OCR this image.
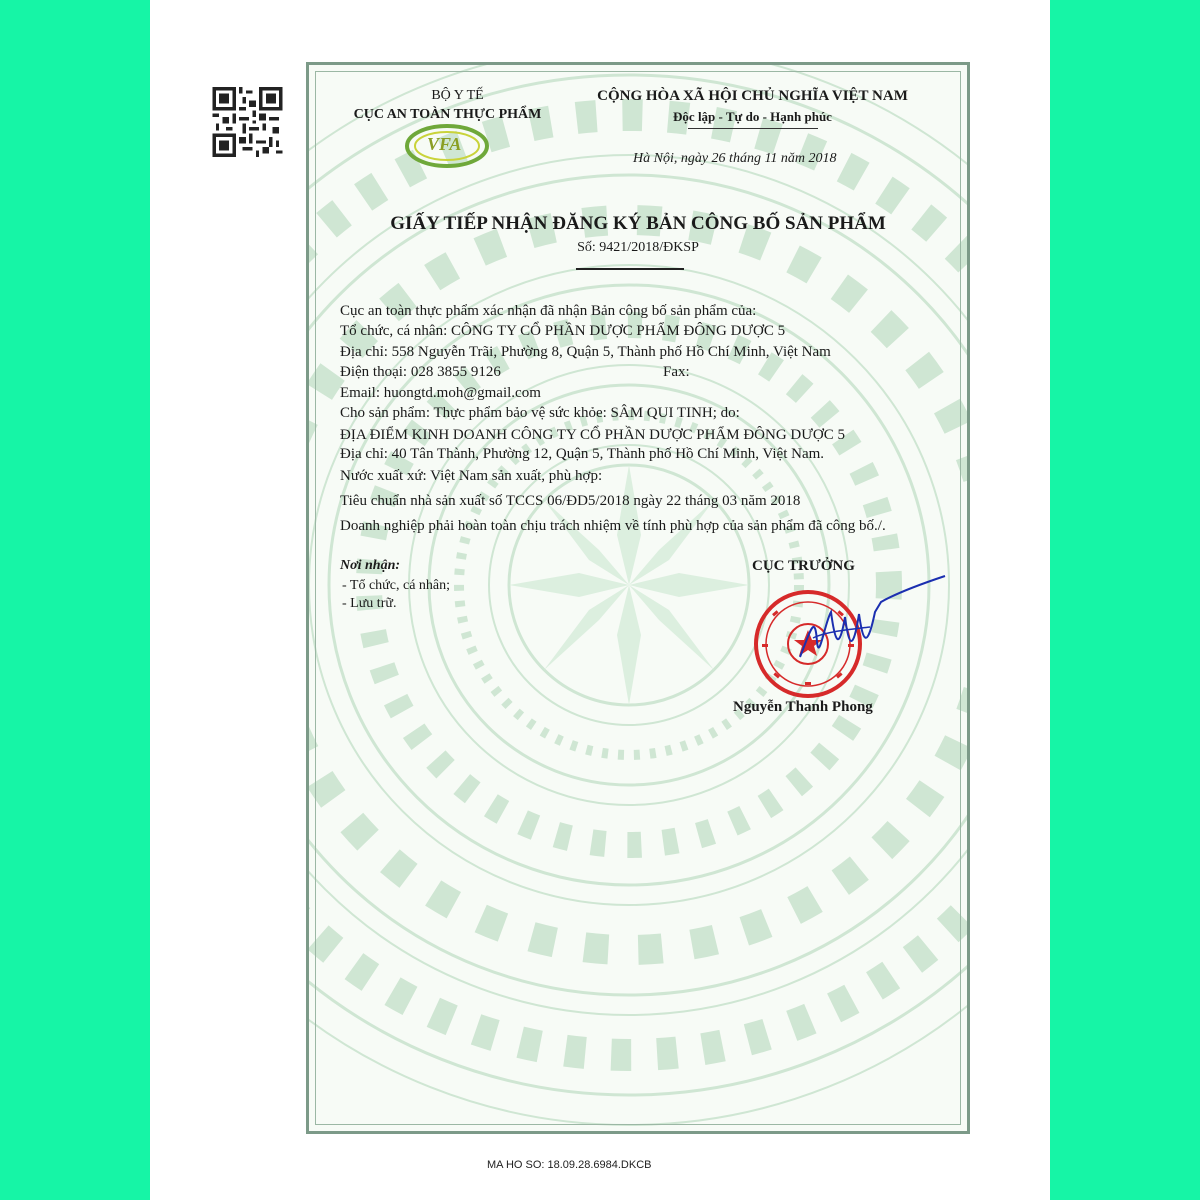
BỘ Y TẾ
CỤC AN TOÀN THỰC PHẨM
VFA
CỘNG HÒA XÃ HỘI CHỦ NGHĨA VIỆT NAM
Độc lập - Tự do - Hạnh phúc
Hà Nội, ngày 26 tháng 11 năm 2018
GIẤY TIẾP NHẬN ĐĂNG KÝ BẢN CÔNG BỐ SẢN PHẨM
Số: 9421/2018/ĐKSP
Cục an toàn thực phẩm xác nhận đã nhận Bản công bố sản phẩm của:
Tổ chức, cá nhân: CÔNG TY CỔ PHẦN DƯỢC PHẨM ĐÔNG DƯỢC 5
Địa chỉ: 558 Nguyễn Trãi, Phường 8, Quận 5, Thành phố Hồ Chí Minh, Việt Nam
Điện thoại: 028 3855 9126	Fax:
Email: huongtd.moh@gmail.com
Cho sản phẩm: Thực phẩm bảo vệ sức khỏe: SÂM QUI TINH; do:
ĐỊA ĐIỂM KINH DOANH CÔNG TY CỔ PHẦN DƯỢC PHẨM ĐÔNG DƯỢC 5
Địa chỉ: 40 Tân Thành, Phường 12, Quận 5, Thành phố Hồ Chí Minh, Việt Nam.
Nước xuất xứ: Việt Nam sản xuất, phù hợp:
Tiêu chuẩn nhà sản xuất số TCCS 06/ĐD5/2018 ngày 22 tháng 03 năm 2018
Doanh nghiệp phải hoàn toàn chịu trách nhiệm về tính phù hợp của sản phẩm đã công bố./.
Nơi nhận:
- Tổ chức, cá nhân;
- Lưu trữ.
CỤC TRƯỞNG
Nguyễn Thanh Phong
MA HO SO: 18.09.28.6984.DKCB
